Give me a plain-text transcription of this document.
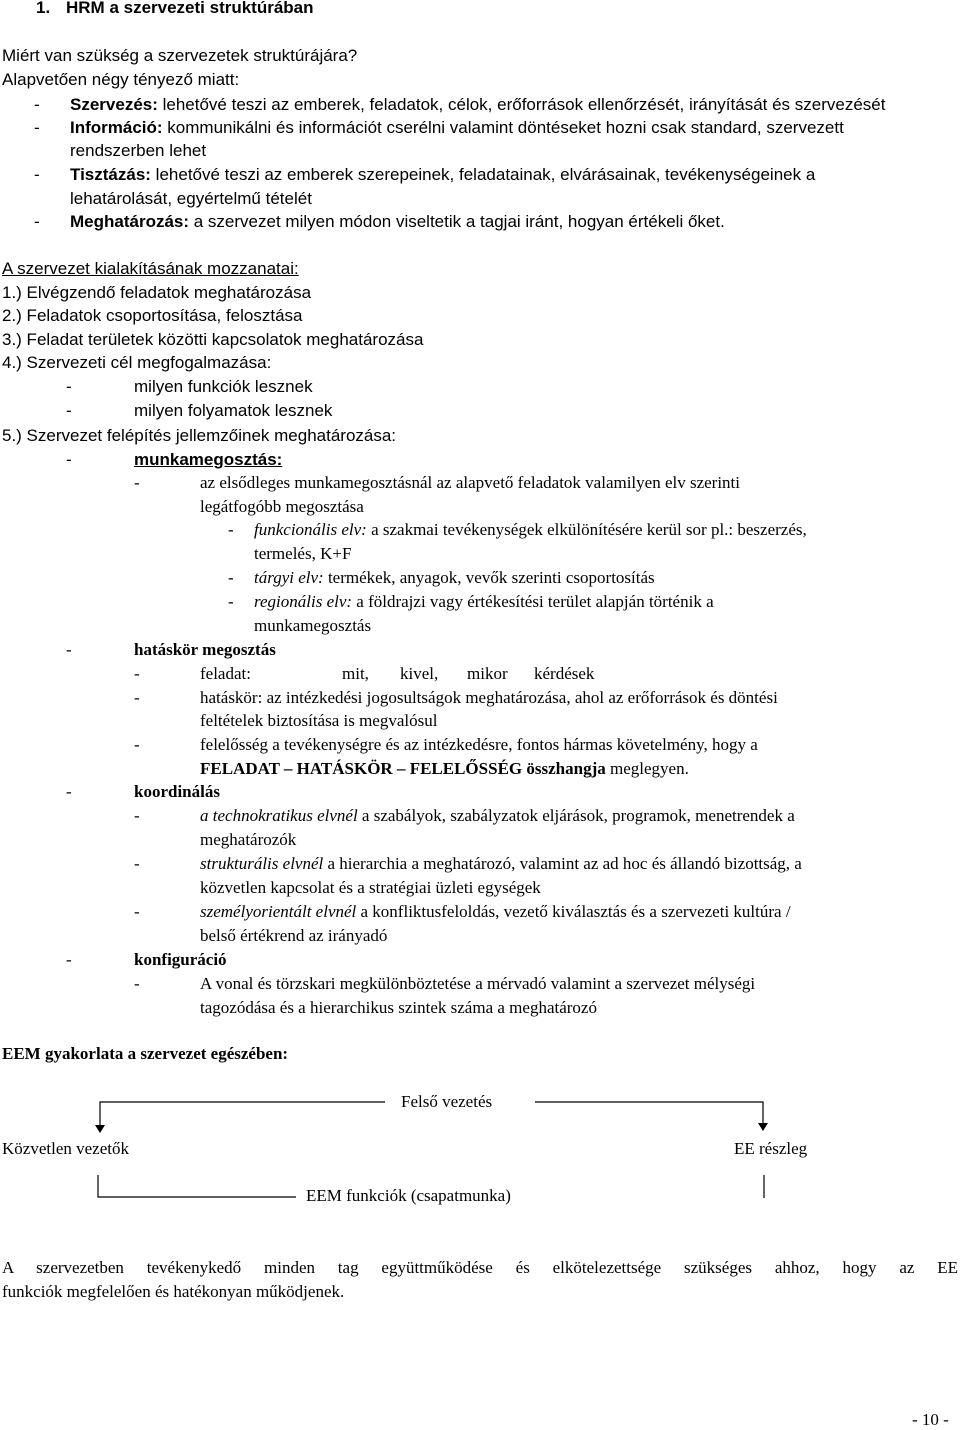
1. HRM a szervezeti struktúrában
Miért van szükség a szervezetek struktúrájára?
Alapvetően négy tényező miatt:
- Szervezés: lehetővé teszi az emberek, feladatok, célok, erőforrások ellenőrzését, irányítását és szervezését
- Információ: kommunikálni és információt cserélni valamint döntéseket hozni csak standard, szervezett
rendszerben lehet
- Tisztázás: lehetővé teszi az emberek szerepeinek, feladatainak, elvárásainak, tevékenységeinek a
lehatárolását, egyértelmű tételét
- Meghatározás: a szervezet milyen módon viseltetik a tagjai iránt, hogyan értékeli őket.
A szervezet kialakításának mozzanatai:
1.) Elvégzendő feladatok meghatározása
2.) Feladatok csoportosítása, felosztása
3.) Feladat területek közötti kapcsolatok meghatározása
4.) Szervezeti cél megfogalmazása:
-	milyen funkciók lesznek
-	milyen folyamatok lesznek
5.) Szervezet felépítés jellemzőinek meghatározása:
-	munkamegosztás:
-	az elsődleges munkamegosztásnál az alapvető feladatok valamilyen elv szerinti
legátfogóbb megosztása
- funkcionális elv: a szakmai tevékenységek elkülönítésére kerül sor pl.: beszerzés,
termelés, K+F
- tárgyi elv: termékek, anyagok, vevők szerinti csoportosítás
- regionális elv: a földrajzi vagy értékesítési terület alapján történik a
munkamegosztás
-	hatáskör megosztás
-	feladat:	mit, kivel, mikor kérdések
-	hatáskör: az intézkedési jogosultságok meghatározása, ahol az erőforrások és döntési
feltételek biztosítása is megvalósul
-	felelősség a tevékenységre és az intézkedésre, fontos hármas követelmény, hogy a
FELADAT – HATÁSKÖR – FELELŐSSÉG összhangja meglegyen.
-	koordinálás
-	a technokratikus elvnél a szabályok, szabályzatok eljárások, programok, menetrendek a
meghatározók
-	strukturális elvnél a hierarchia a meghatározó, valamint az ad hoc és állandó bizottság, a
közvetlen kapcsolat és a stratégiai üzleti egységek
-	személyorientált elvnél a konfliktusfeloldás, vezető kiválasztás és a szervezeti kultúra /
belső értékrend az irányadó
-	konfiguráció
-	A vonal és törzskari megkülönböztetése a mérvadó valamint a szervezet mélységi
tagozódása és a hierarchikus szintek száma a meghatározó
EEM gyakorlata a szervezet egészében:
Felső vezetés
Közvetlen vezetők	EE részleg
EEM funkciók (csapatmunka)
A szervezetben tevékenykedő minden tag együttműködése és elkötelezettsége szükséges ahhoz, hogy az EE
funkciók megfelelően és hatékonyan működjenek.
- 10 -
